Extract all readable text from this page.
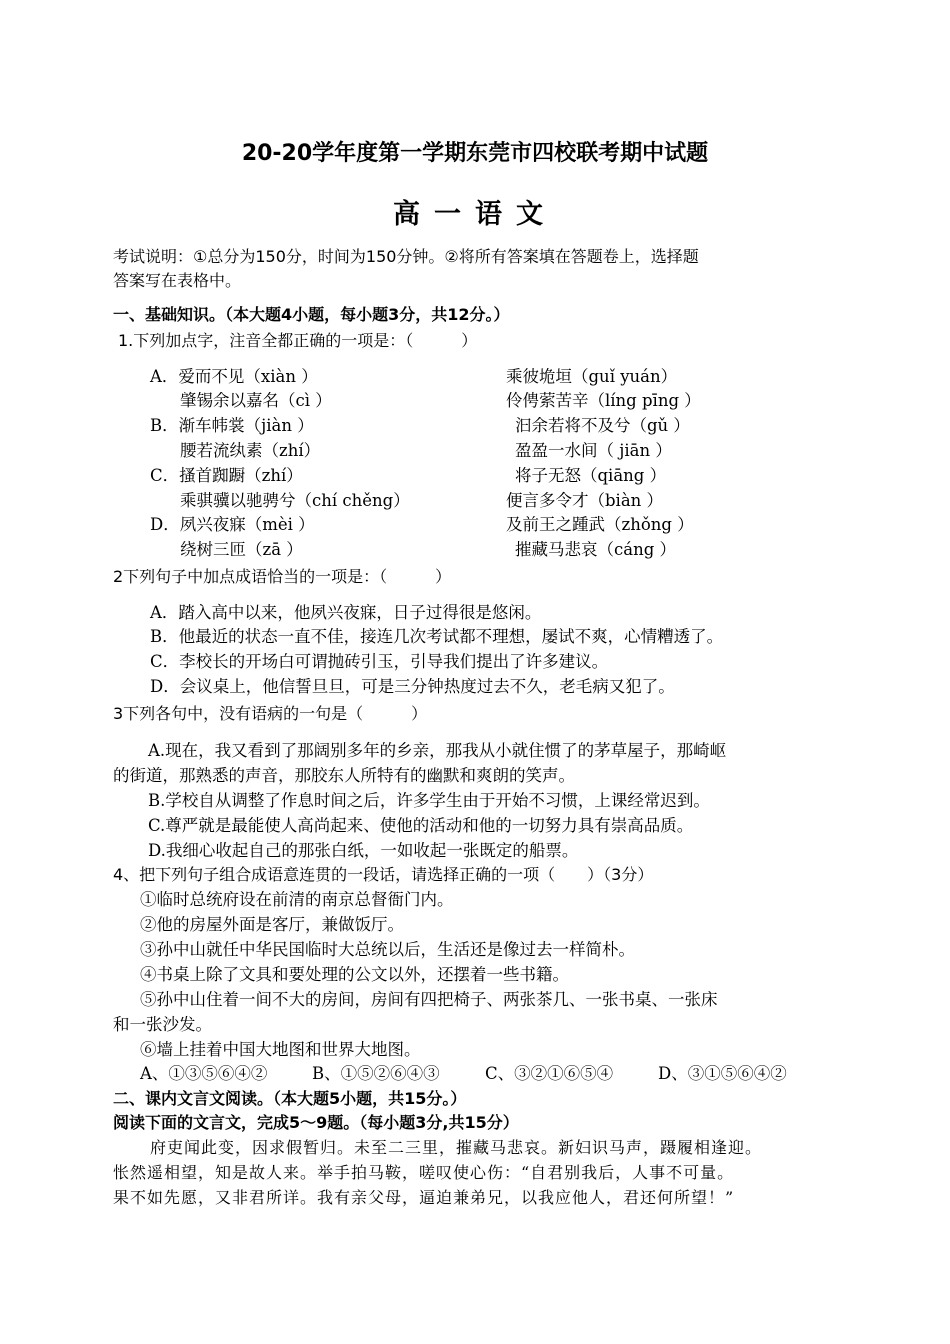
20-20学年度第一学期东莞市四校联考期中试题
高一语文
考试说明：①总分为150分，时间为150分钟。②将所有答案填在答题卷上，选择题
答案写在表格中。
一、基础知识。（本大题4小题，每小题3分，共12分。）
1.下列加点字，注音全都正确的一项是：（　　　）
A．爱而不见（xiàn ）	乘彼垝垣（guǐ yuán）
肇锡余以嘉名（cì ）	伶俜萦苦辛（líng pīng ）
B．渐车帏裳（jiàn ）	汩余若将不及兮（gǔ ）
腰若流纨素（zhí）	盈盈一水间（ jiān ）
C．搔首踟蹰（zhí）	将子无怒（qiāng ）
乘骐骥以驰骋兮（chí chěng）	便言多令才（biàn ）
D．夙兴夜寐（mèi ）	及前王之踵武（zhǒng ）
绕树三匝（zā ）	摧藏马悲哀（cáng ）
2下列句子中加点成语恰当的一项是：（　　　）
A．踏入高中以来，他夙兴夜寐，日子过得很是悠闲。
B．他最近的状态一直不佳，接连几次考试都不理想，屡试不爽，心情糟透了。
C．李校长的开场白可谓抛砖引玉，引导我们提出了许多建议。
D．会议桌上，他信誓旦旦，可是三分钟热度过去不久，老毛病又犯了。
3下列各句中，没有语病的一句是（　　　）
A.现在，我又看到了那阔别多年的乡亲，那我从小就住惯了的茅草屋子，那崎岖
的街道，那熟悉的声音，那胶东人所特有的幽默和爽朗的笑声。
B.学校自从调整了作息时间之后，许多学生由于开始不习惯，上课经常迟到。
C.尊严就是最能使人高尚起来、使他的活动和他的一切努力具有崇高品质。
D.我细心收起自己的那张白纸，一如收起一张既定的船票。
4、把下列句子组合成语意连贯的一段话，请选择正确的一项（　　）（3分）
①临时总统府设在前清的南京总督衙门内。
②他的房屋外面是客厅，兼做饭厅。
③孙中山就任中华民国临时大总统以后，生活还是像过去一样简朴。
④书桌上除了文具和要处理的公文以外，还摆着一些书籍。
⑤孙中山住着一间不大的房间，房间有四把椅子、两张茶几、一张书桌、一张床
和一张沙发。
⑥墙上挂着中国大地图和世界大地图。
A、①③⑤⑥④②	B、①⑤②⑥④③	C、③②①⑥⑤④	D、③①⑤⑥④②
二、课内文言文阅读。（本大题5小题，共15分。）
阅读下面的文言文，完成5～9题。（每小题3分,共15分）
府吏闻此变，因求假暂归。未至二三里，摧藏马悲哀。新妇识马声，蹑履相逢迎。
怅然遥相望，知是故人来。举手拍马鞍，嗟叹使心伤：“自君别我后，人事不可量。
果不如先愿，又非君所详。我有亲父母，逼迫兼弟兄，以我应他人，君还何所望！”
